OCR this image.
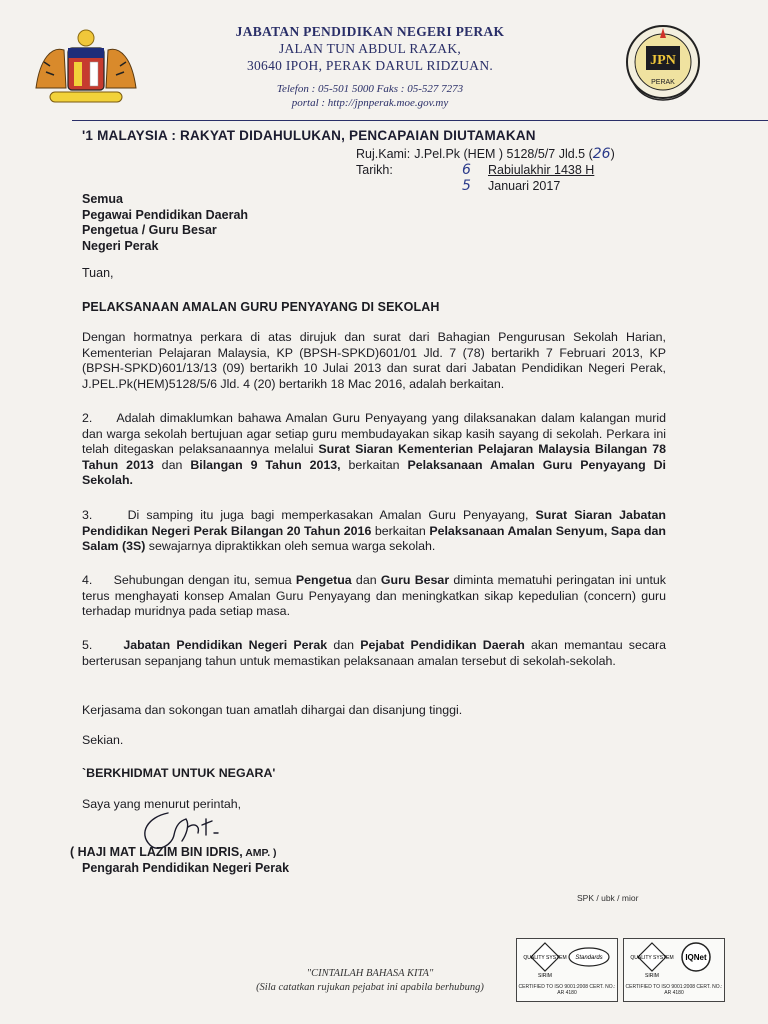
JABATAN PENDIDIKAN NEGERI PERAK
JALAN TUN ABDUL RAZAK,
30640 IPOH, PERAK DARUL RIDZUAN.
Telefon : 05-501 5000 Faks : 05-527 7273
portal : http://jpnperak.moe.gov.my
JPN
PERAK
'1 MALAYSIA : RAKYAT DIDAHULUKAN, PENCAPAIAN DIUTAMAKAN
Ruj.Kami: J.Pel.Pk (HEM ) 5128/5/7 Jld.5 ( 26 )
Tarikh:	6	Rabiulakhir 1438 H
5	Januari 2017
Semua
Pegawai Pendidikan Daerah
Pengetua / Guru Besar
Negeri Perak
Tuan,
PELAKSANAAN AMALAN GURU PENYAYANG DI SEKOLAH
Dengan hormatnya perkara di atas dirujuk dan surat dari Bahagian Pengurusan Sekolah Harian, Kementerian Pelajaran Malaysia, KP (BPSH-SPKD)601/01 Jld. 7 (78) bertarikh 7 Februari 2013, KP (BPSH-SPKD)601/13/13 (09) bertarikh 10 Julai 2013 dan surat dari Jabatan Pendidikan Negeri Perak, J.PEL.Pk(HEM)5128/5/6 Jld. 4 (20) bertarikh 18 Mac 2016, adalah berkaitan.
2.     Adalah dimaklumkan bahawa Amalan Guru Penyayang yang dilaksanakan dalam kalangan murid dan warga sekolah bertujuan agar setiap guru membudayakan sikap kasih sayang di sekolah. Perkara ini telah ditegaskan pelaksanaannya melalui Surat Siaran Kementerian Pelajaran Malaysia Bilangan 78 Tahun 2013 dan Bilangan 9 Tahun 2013, berkaitan Pelaksanaan Amalan Guru Penyayang Di Sekolah.
3.     Di samping itu juga bagi memperkasakan Amalan Guru Penyayang, Surat Siaran Jabatan Pendidikan Negeri Perak Bilangan 20 Tahun 2016 berkaitan Pelaksanaan Amalan Senyum, Sapa dan Salam (3S) sewajarnya dipraktikkan oleh semua warga sekolah.
4.     Sehubungan dengan itu, semua Pengetua dan Guru Besar diminta mematuhi peringatan ini untuk terus menghayati konsep Amalan Guru Penyayang dan meningkatkan sikap kepedulian (concern) guru terhadap muridnya pada setiap masa.
5.     Jabatan Pendidikan Negeri Perak dan Pejabat Pendidikan Daerah akan memantau secara berterusan sepanjang tahun untuk memastikan pelaksanaan amalan tersebut di sekolah-sekolah.
Kerjasama dan sokongan tuan amatlah dihargai dan disanjung tinggi.
Sekian.
`BERKHIDMAT UNTUK NEGARA'
Saya yang menurut perintah,
( HAJI MAT LAZIM BIN IDRIS, AMP. )
Pengarah Pendidikan Negeri Perak
SPK / ubk / mior
QUALITY SYSTEM Standards
SIRIM
CERTIFIED TO ISO 9001:2008 CERT. NO.: AR 4180
QUALITY SYSTEM IQNet
SIRIM
CERTIFIED TO ISO 9001:2008 CERT. NO.: AR 4180
"CINTAILAH BAHASA KITA"
(Sila catatkan rujukan pejabat ini apabila berhubung)
